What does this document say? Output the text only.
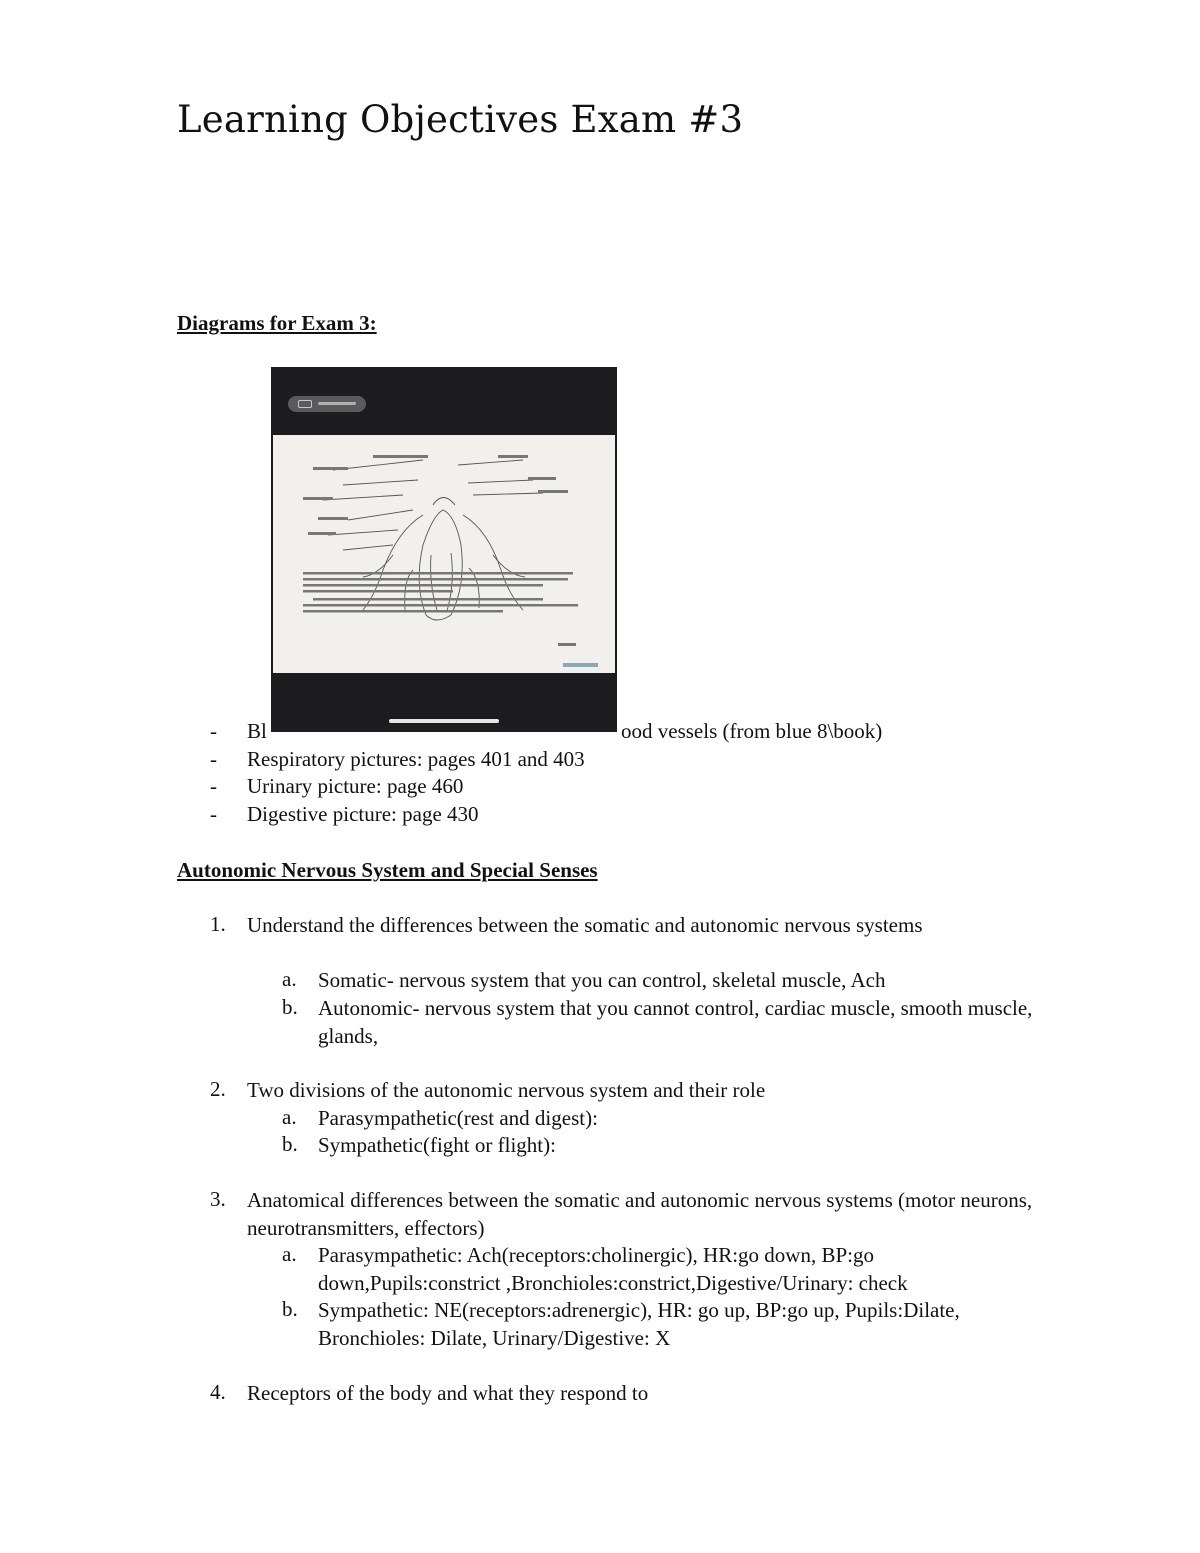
Learning Objectives Exam #3

Diagrams for Exam 3:

-	Bl	ood vessels (from blue 8\book)
-	Respiratory pictures: pages 401 and 403
-	Urinary picture: page 460
-	Digestive picture: page 430

Autonomic Nervous System and Special Senses

1. Understand the differences between the somatic and autonomic nervous systems
a. Somatic- nervous system that you can control, skeletal muscle, Ach
b. Autonomic- nervous system that you cannot control, cardiac muscle, smooth muscle, glands,
2. Two divisions of the autonomic nervous system and their role
a. Parasympathetic(rest and digest):
b. Sympathetic(fight or flight):
3. Anatomical differences between the somatic and autonomic nervous systems (motor neurons, neurotransmitters, effectors)
a. Parasympathetic: Ach(receptors:cholinergic), HR:go down, BP:go down,Pupils:constrict ,Bronchioles:constrict,Digestive/Urinary: check
b. Sympathetic: NE(receptors:adrenergic), HR: go up, BP:go up, Pupils:Dilate, Bronchioles: Dilate, Urinary/Digestive: X
4. Receptors of the body and what they respond to
